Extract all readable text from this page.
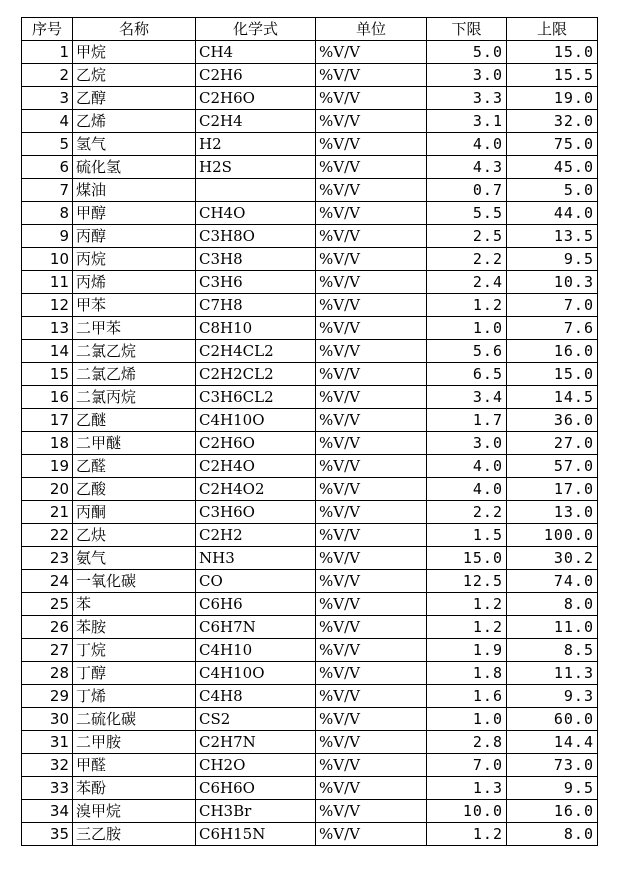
序号	名称	化学式	单位	下限	上限
1	甲烷	CH4	%V/V	5.0	15.0
2	乙烷	C2H6	%V/V	3.0	15.5
3	乙醇	C2H6O	%V/V	3.3	19.0
4	乙烯	C2H4	%V/V	3.1	32.0
5	氢气	H2	%V/V	4.0	75.0
6	硫化氢	H2S	%V/V	4.3	45.0
7	煤油		%V/V	0.7	5.0
8	甲醇	CH4O	%V/V	5.5	44.0
9	丙醇	C3H8O	%V/V	2.5	13.5
10	丙烷	C3H8	%V/V	2.2	9.5
11	丙烯	C3H6	%V/V	2.4	10.3
12	甲苯	C7H8	%V/V	1.2	7.0
13	二甲苯	C8H10	%V/V	1.0	7.6
14	二氯乙烷	C2H4CL2	%V/V	5.6	16.0
15	二氯乙烯	C2H2CL2	%V/V	6.5	15.0
16	二氯丙烷	C3H6CL2	%V/V	3.4	14.5
17	乙醚	C4H10O	%V/V	1.7	36.0
18	二甲醚	C2H6O	%V/V	3.0	27.0
19	乙醛	C2H4O	%V/V	4.0	57.0
20	乙酸	C2H4O2	%V/V	4.0	17.0
21	丙酮	C3H6O	%V/V	2.2	13.0
22	乙炔	C2H2	%V/V	1.5	100.0
23	氨气	NH3	%V/V	15.0	30.2
24	一氧化碳	CO	%V/V	12.5	74.0
25	苯	C6H6	%V/V	1.2	8.0
26	苯胺	C6H7N	%V/V	1.2	11.0
27	丁烷	C4H10	%V/V	1.9	8.5
28	丁醇	C4H10O	%V/V	1.8	11.3
29	丁烯	C4H8	%V/V	1.6	9.3
30	二硫化碳	CS2	%V/V	1.0	60.0
31	二甲胺	C2H7N	%V/V	2.8	14.4
32	甲醛	CH2O	%V/V	7.0	73.0
33	苯酚	C6H6O	%V/V	1.3	9.5
34	溴甲烷	CH3Br	%V/V	10.0	16.0
35	三乙胺	C6H15N	%V/V	1.2	8.0
